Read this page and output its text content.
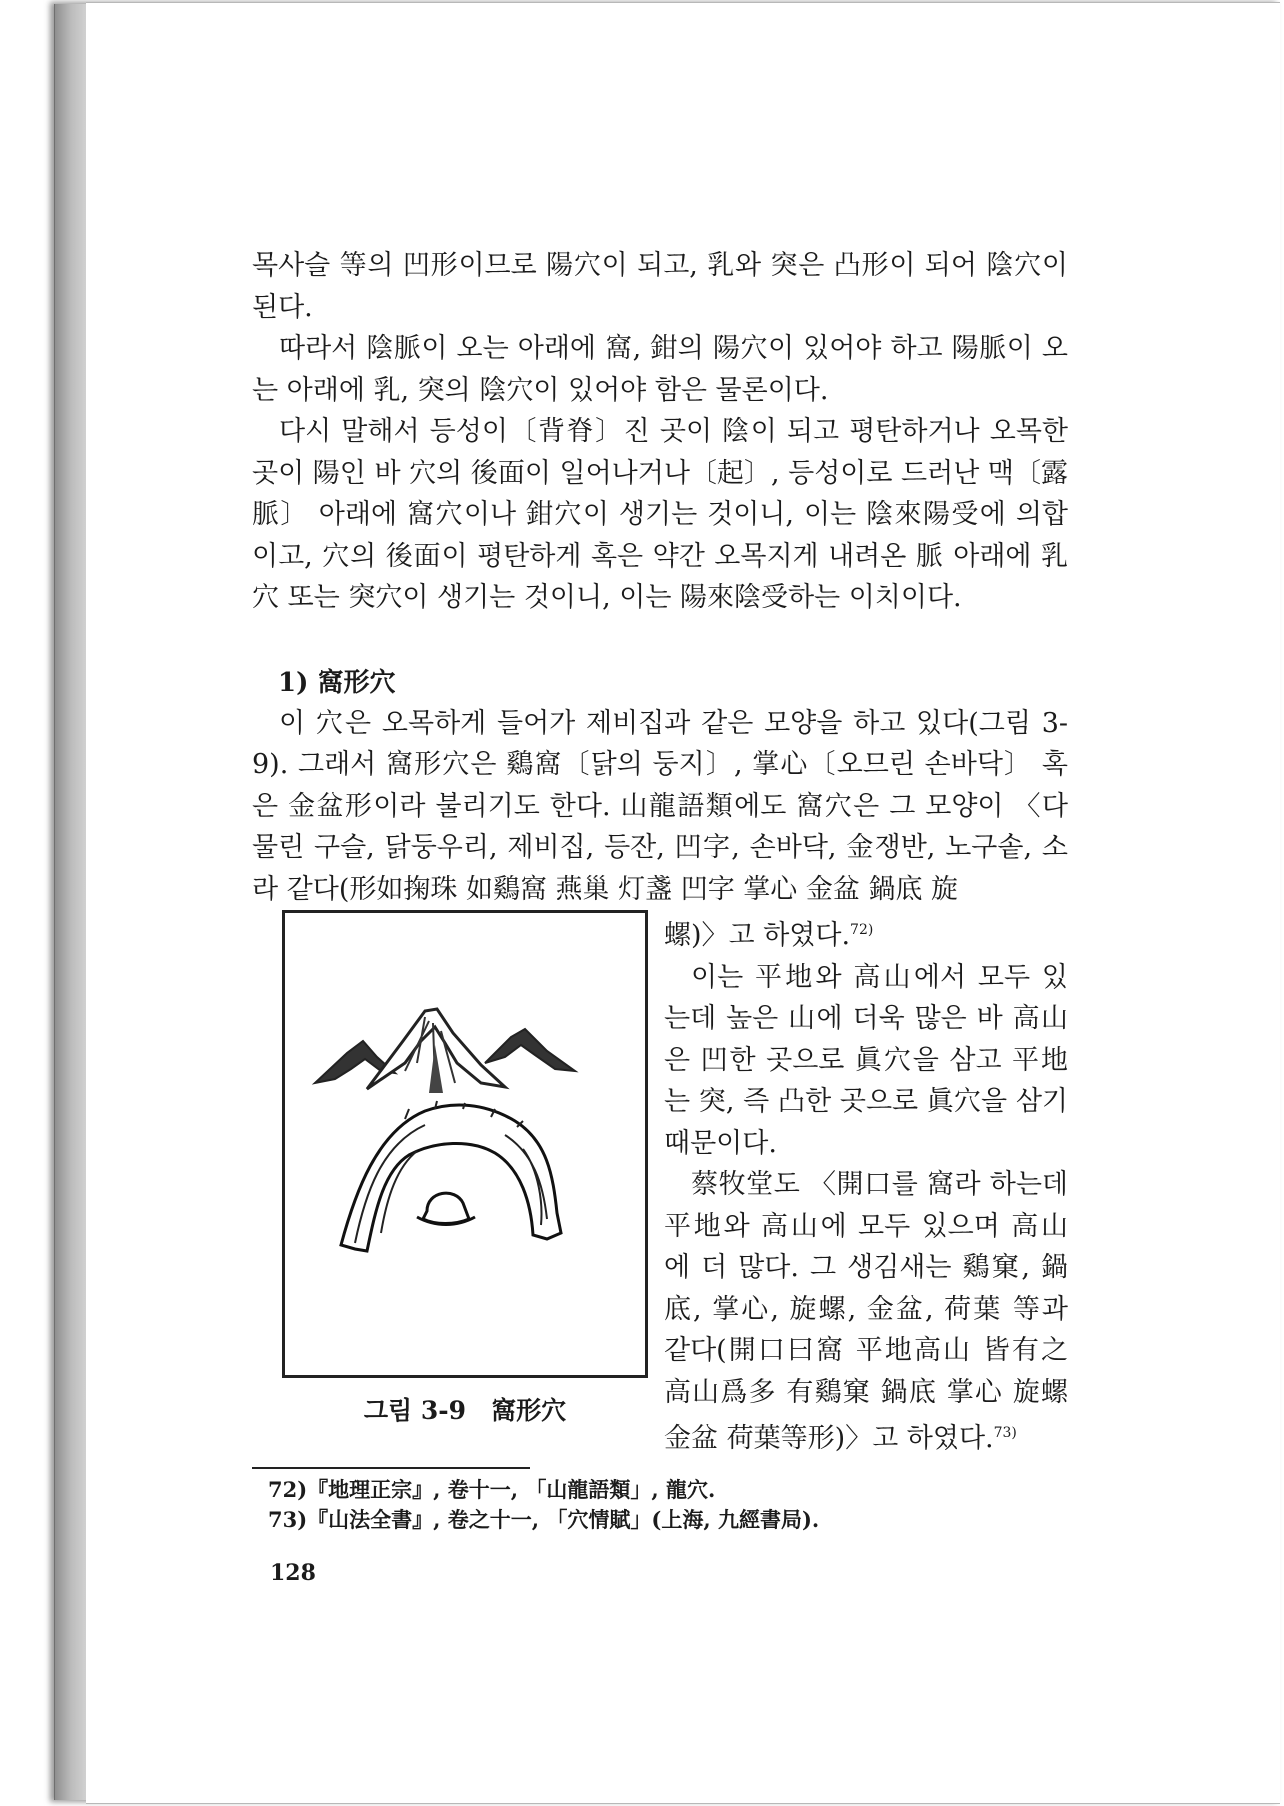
목사슬 等의 凹形이므로 陽穴이 되고, 乳와 突은 凸形이 되어 陰穴이 된다.

따라서 陰脈이 오는 아래에 窩, 鉗의 陽穴이 있어야 하고 陽脈이 오는 아래에 乳, 突의 陰穴이 있어야 함은 물론이다.

다시 말해서 등성이〔背脊〕진 곳이 陰이 되고 평탄하거나 오목한 곳이 陽인 바 穴의 後面이 일어나거나〔起〕, 등성이로 드러난 맥〔露脈〕 아래에 窩穴이나 鉗穴이 생기는 것이니, 이는 陰來陽受에 의합이고, 穴의 後面이 평탄하게 혹은 약간 오목지게 내려온 脈 아래에 乳穴 또는 突穴이 생기는 것이니, 이는 陽來陰受하는 이치이다.

1) 窩形穴

이 穴은 오목하게 들어가 제비집과 같은 모양을 하고 있다(그림 3-9). 그래서 窩形穴은 鷄窩〔닭의 둥지〕, 掌心〔오므린 손바닥〕 혹은 金盆形이라 불리기도 한다. 山龍語類에도 窩穴은 그 모양이 〈다물린 구슬, 닭둥우리, 제비집, 등잔, 凹字, 손바닥, 金쟁반, 노구솥, 소라 같다(形如掬珠 如鷄窩 燕巢 灯盞 凹字 掌心 金盆 鍋底 旋

그림 3-9　窩形穴

螺)〉고 하였다.$^{72)}$

이는 平地와 高山에서 모두 있는데 높은 山에 더욱 많은 바 高山은 凹한 곳으로 眞穴을 삼고 平地는 突, 즉 凸한 곳으로 眞穴을 삼기 때문이다.

蔡牧堂도 〈開口를 窩라 하는데 平地와 高山에 모두 있으며 高山에 더 많다. 그 생김새는 鷄窠, 鍋底, 掌心, 旋螺, 金盆, 荷葉 等과 같다(開口曰窩 平地高山 皆有之 高山爲多 有鷄窠 鍋底 掌心 旋螺 金盆 荷葉等形)〉고 하였다.$^{73)}$

72)『地理正宗』, 卷十一, 「山龍語類」, 龍穴.
73)『山法全書』, 卷之十一, 「穴情賦」(上海, 九經書局).
128
